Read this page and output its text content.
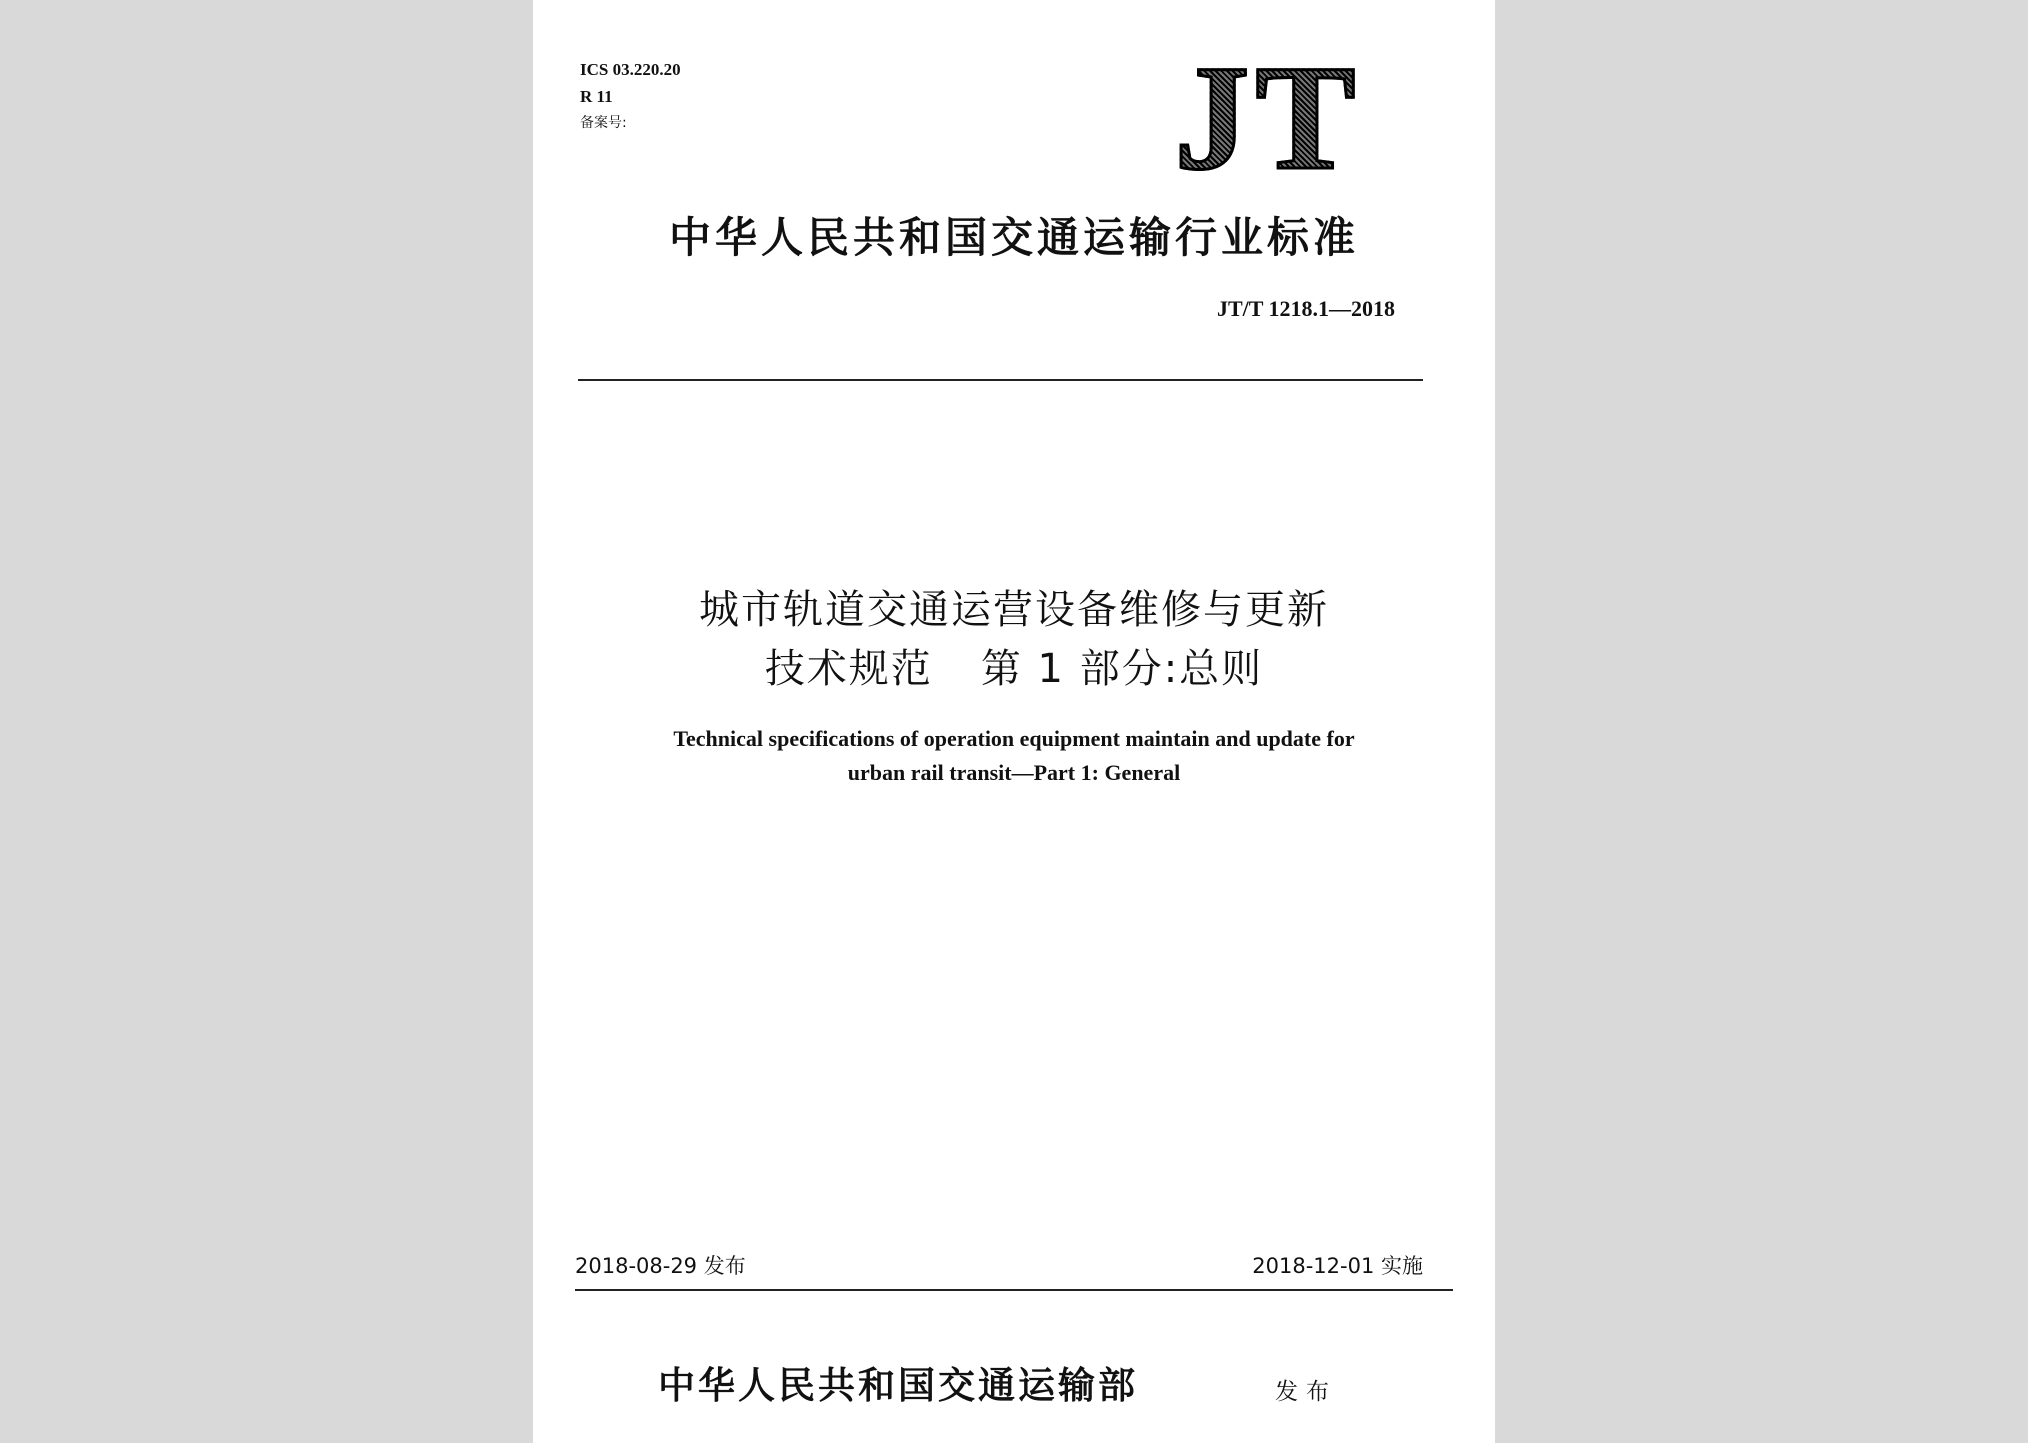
ICS 03.220.20
R 11
备案号:	JT
中华人民共和国交通运输行业标准
JT/T 1218.1—2018
城市轨道交通运营设备维修与更新
技术规范 第 1 部分:总则
Technical specifications of operation equipment maintain and update for
urban rail transit—Part 1: General
2018-08-29 发布	2018-12-01 实施
中华人民共和国交通运输部	发布
